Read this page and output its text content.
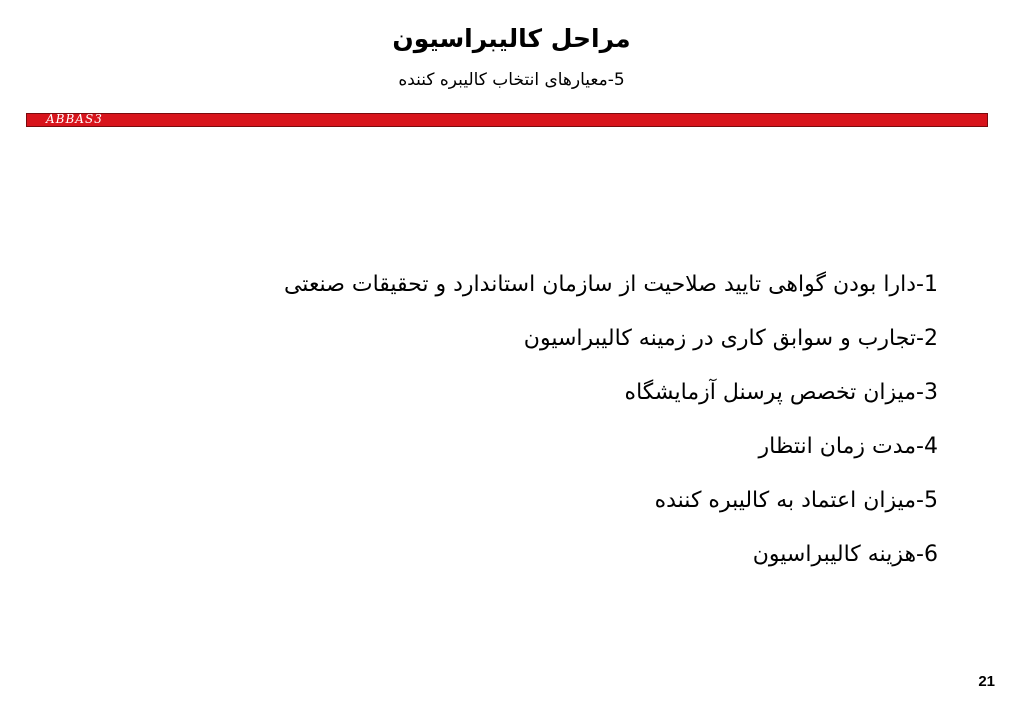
مراحل کالیبراسیون
5-معیارهای انتخاب کالیبره کننده
ABBAS3
1-دارا بودن گواهی تایید صلاحیت از سازمان استاندارد و تحقیقات صنعتی
2-تجارب و سوابق کاری در زمینه کالیبراسیون
3-میزان تخصص پرسنل آزمایشگاه
4-مدت زمان انتظار
5-میزان اعتماد به کالیبره کننده
6-هزینه کالیبراسیون
21
